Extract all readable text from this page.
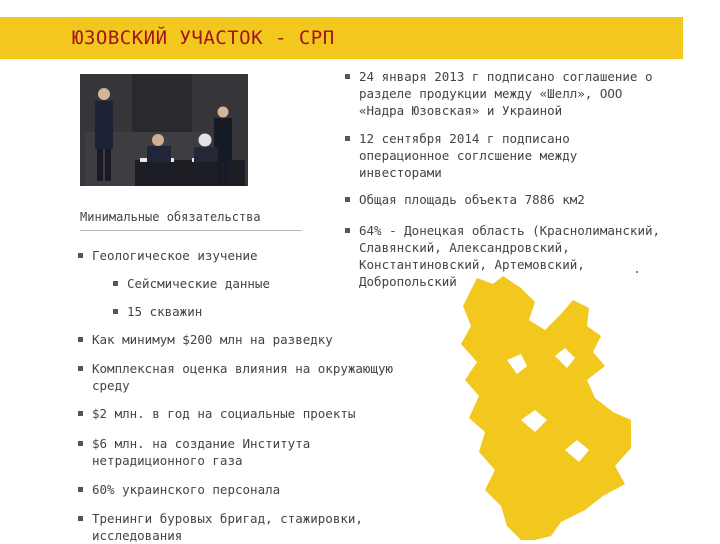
ЮЗОВСКИЙ УЧАСТОК - СРП
24 января 2013 г подписано соглашение о
разделе продукции между «Шелл», ООО
«Надра Юзовская» и Украиной
12 сентября 2014 г подписано
операционное соглсшение между
инвесторами
Общая площадь объекта 7886 км2
64% - Донецкая область (Краснолиманский,
Славянский, Александровский,
Константиновский, Артемовский,
Добропольский
Минимальные обязательства
Геологическое изучение
Сейсмические данные
15 скважин
Как минимум $200 млн на разведку
Комплексная оценка влияния на окружающую
среду
$2 млн. в год на социальные проекты
$6 млн. на создание Института
нетрадиционного газа
60% украинского персонала
Тренинги буровых бригад, стажировки,
исследования
